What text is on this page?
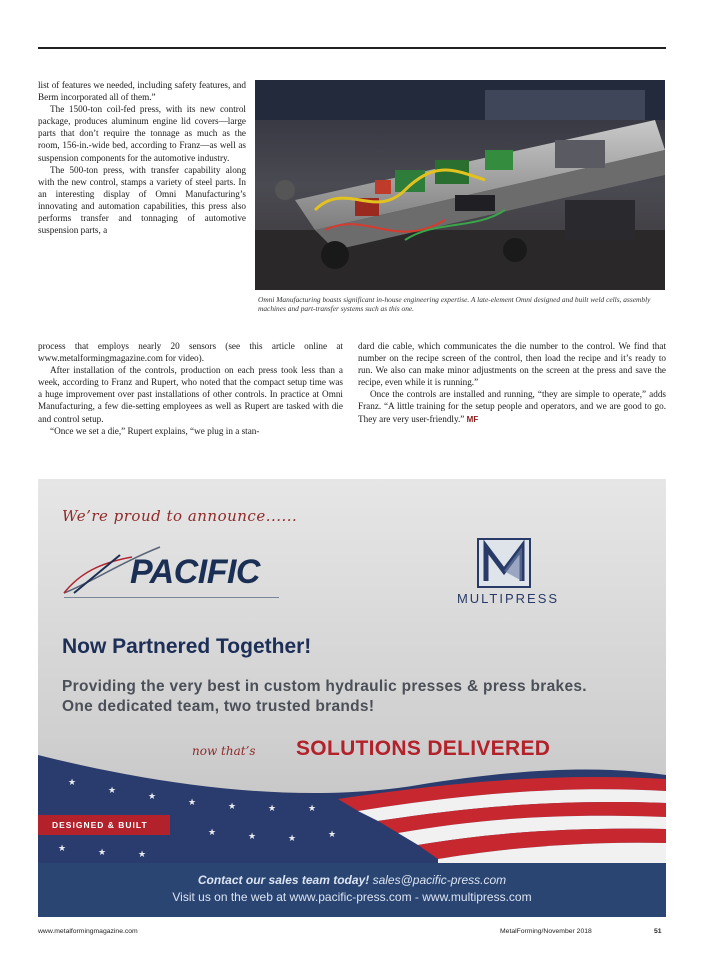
list of features we needed, including safety features, and Berm incorporated all of them.”

The 1500-ton coil-fed press, with its new control package, produces aluminum engine lid covers—large parts that don’t require the tonnage as much as the room, 156-in.-wide bed, according to Franz—as well as suspension components for the automotive industry.

The 500-ton press, with transfer capability along with the new control, stamps a variety of steel parts. In an interesting display of Omni Manufacturing’s innovating and automation capabilities, this press also performs transfer and tonnaging of automotive suspension parts, a

Omni Manufacturing boasts significant in-house engineering expertise. A late-element Omni designed and built weld cells, assembly machines and part-transfer systems such as this one.

process that employs nearly 20 sensors (see this article online at www.metalformingmagazine.com for video).

After installation of the controls, production on each press took less than a week, according to Franz and Rupert, who noted that the compact setup time was a huge improvement over past installations of other controls. In practice at Omni Manufacturing, a few die-setting employees as well as Rupert are tasked with die and control setup.

“Once we set a die,” Rupert explains, “we plug in a stan-

dard die cable, which communicates the die number to the control. We find that number on the recipe screen of the control, then load the recipe and it’s ready to run. We also can make minor adjustments on the screen at the press and save the recipe, even while it is running.”

Once the controls are installed and running, “they are simple to operate,” adds Franz. “A little training for the setup people and operators, and we are good to go. They are very user-friendly.” MF

We’re proud to announce......
PACIFIC
MULTIPRESS
Now Partnered Together!
Providing the very best in custom hydraulic presses & press brakes.
One dedicated team, two trusted brands!
now that’s SOLUTIONS DELIVERED
★
★
★
★	★	★	★
★	★	★	★
★	★	★
DESIGNED & BUILT
Contact our sales team today! sales@pacific-press.com
Visit us on the web at www.pacific-press.com - www.multipress.com
www.metalformingmagazine.com	MetalForming/November 2018	51
